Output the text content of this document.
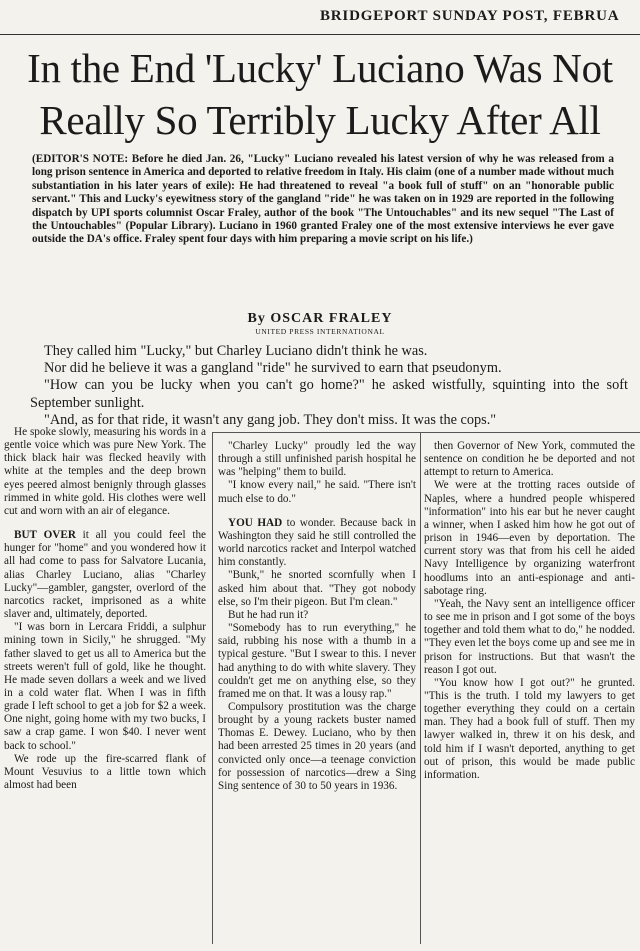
BRIDGEPORT SUNDAY POST, FEBRUA
In the End 'Lucky' Luciano Was Not
Really So Terribly Lucky After All
(EDITOR'S NOTE: Before he died Jan. 26, "Lucky" Luciano revealed his latest version of why he was released from a long prison sentence in America and deported to relative freedom in Italy. His claim (one of a number made without much substantiation in his later years of exile): He had threatened to reveal "a book full of stuff" on an "honorable public servant." This and Lucky's eyewitness story of the gangland "ride" he was taken on in 1929 are reported in the following dispatch by UPI sports columnist Oscar Fraley, author of the book "The Untouchables" and its new sequel "The Last of the Untouchables" (Popular Library). Luciano in 1960 granted Fraley one of the most extensive interviews he ever gave outside the DA's office. Fraley spent four days with him preparing a movie script on his life.)
By OSCAR FRALEY
UNITED PRESS INTERNATIONAL

They called him "Lucky," but Charley Luciano didn't think he was.

Nor did he believe it was a gangland "ride" he survived to earn that pseudonym.

"How can you be lucky when you can't go home?" he asked wistfully, squinting into the soft September sunlight.

"And, as for that ride, it wasn't any gang job. They don't miss. It was the cops."

He spoke slowly, measuring his words in a gentle voice which was pure New York. The thick black hair was flecked heavily with white at the temples and the deep brown eyes peered almost benignly through glasses rimmed in white gold. His clothes were well cut and worn with an air of elegance.

BUT OVER it all you could feel the hunger for "home" and you wondered how it all had come to pass for Salvatore Lucania, alias Charley Luciano, alias "Charley Lucky"—gambler, gangster, overlord of the narcotics racket, imprisoned as a white slaver and, ultimately, deported.

"I was born in Lercara Friddi, a sulphur mining town in Sicily," he shrugged. "My father slaved to get us all to America but the streets weren't full of gold, like he thought. He made seven dollars a week and we lived in a cold water flat. When I was in fifth grade I left school to get a job for $2 a week. One night, going home with my two bucks, I saw a crap game. I won $40. I never went back to school."

We rode up the fire-scarred flank of Mount Vesuvius to a little town which almost had been

"Charley Lucky" proudly led the way through a still unfinished parish hospital he was "helping" them to build.

"I know every nail," he said. "There isn't much else to do."

YOU HAD to wonder. Because back in Washington they said he still controlled the world narcotics racket and Interpol watched him constantly.

"Bunk," he snorted scornfully when I asked him about that. "They got nobody else, so I'm their pigeon. But I'm clean."

But he had run it?

"Somebody has to run everything," he said, rubbing his nose with a thumb in a typical gesture. "But I swear to this. I never had anything to do with white slavery. They couldn't get me on anything else, so they framed me on that. It was a lousy rap."

Compulsory prostitution was the charge brought by a young rackets buster named Thomas E. Dewey. Luciano, who by then had been arrested 25 times in 20 years (and convicted only once—a teenage conviction for possession of narcotics—drew a Sing Sing sentence of 30 to 50 years in 1936.

then Governor of New York, commuted the sentence on condition he be deported and not attempt to return to America.

We were at the trotting races outside of Naples, where a hundred people whispered "information" into his ear but he never caught a winner, when I asked him how he got out of prison in 1946—even by deportation. The current story was that from his cell he aided Navy Intelligence by organizing waterfront hoodlums into an anti-espionage and anti-sabotage ring.

"Yeah, the Navy sent an intelligence officer to see me in prison and I got some of the boys together and told them what to do," he nodded. "They even let the boys come up and see me in prison for instructions. But that wasn't the reason I got out.

"You know how I got out?" he grunted. "This is the truth. I told my lawyers to get together everything they could on a certain man. They had a book full of stuff. Then my lawyer walked in, threw it on his desk, and told him if I wasn't deported, anything to get out of prison, this would be made public information.
